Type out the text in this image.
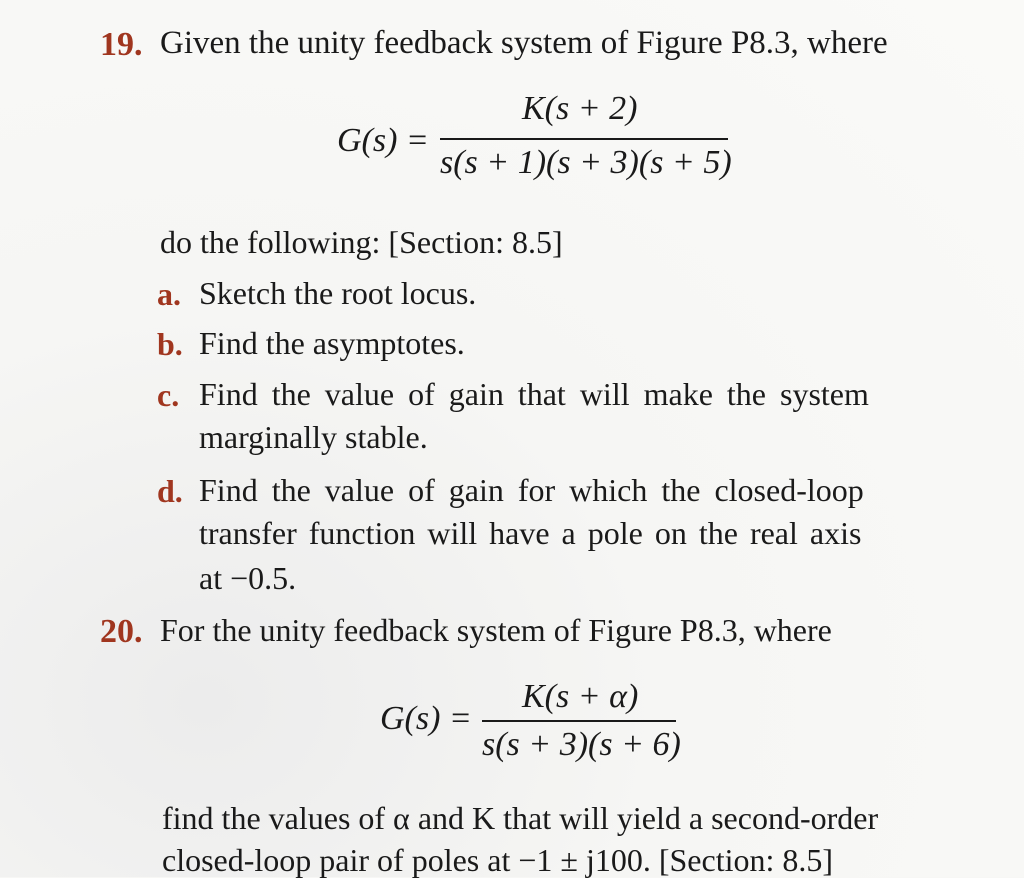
19. Given the unity feedback system of Figure P8.3, where
G(s) =
K(s + 2)
s(s + 1)(s + 3)(s + 5)
do the following: [Section: 8.5]
a. Sketch the root locus.
b. Find the asymptotes.
c. Find the value of gain that will make the system
marginally stable.
d. Find the value of gain for which the closed-loop
transfer function will have a pole on the real axis
at −0.5.
20. For the unity feedback system of Figure P8.3, where
G(s) =
K(s + α)
s(s + 3)(s + 6)
find the values of α and K that will yield a second-order
closed-loop pair of poles at −1 ± j100. [Section: 8.5]
